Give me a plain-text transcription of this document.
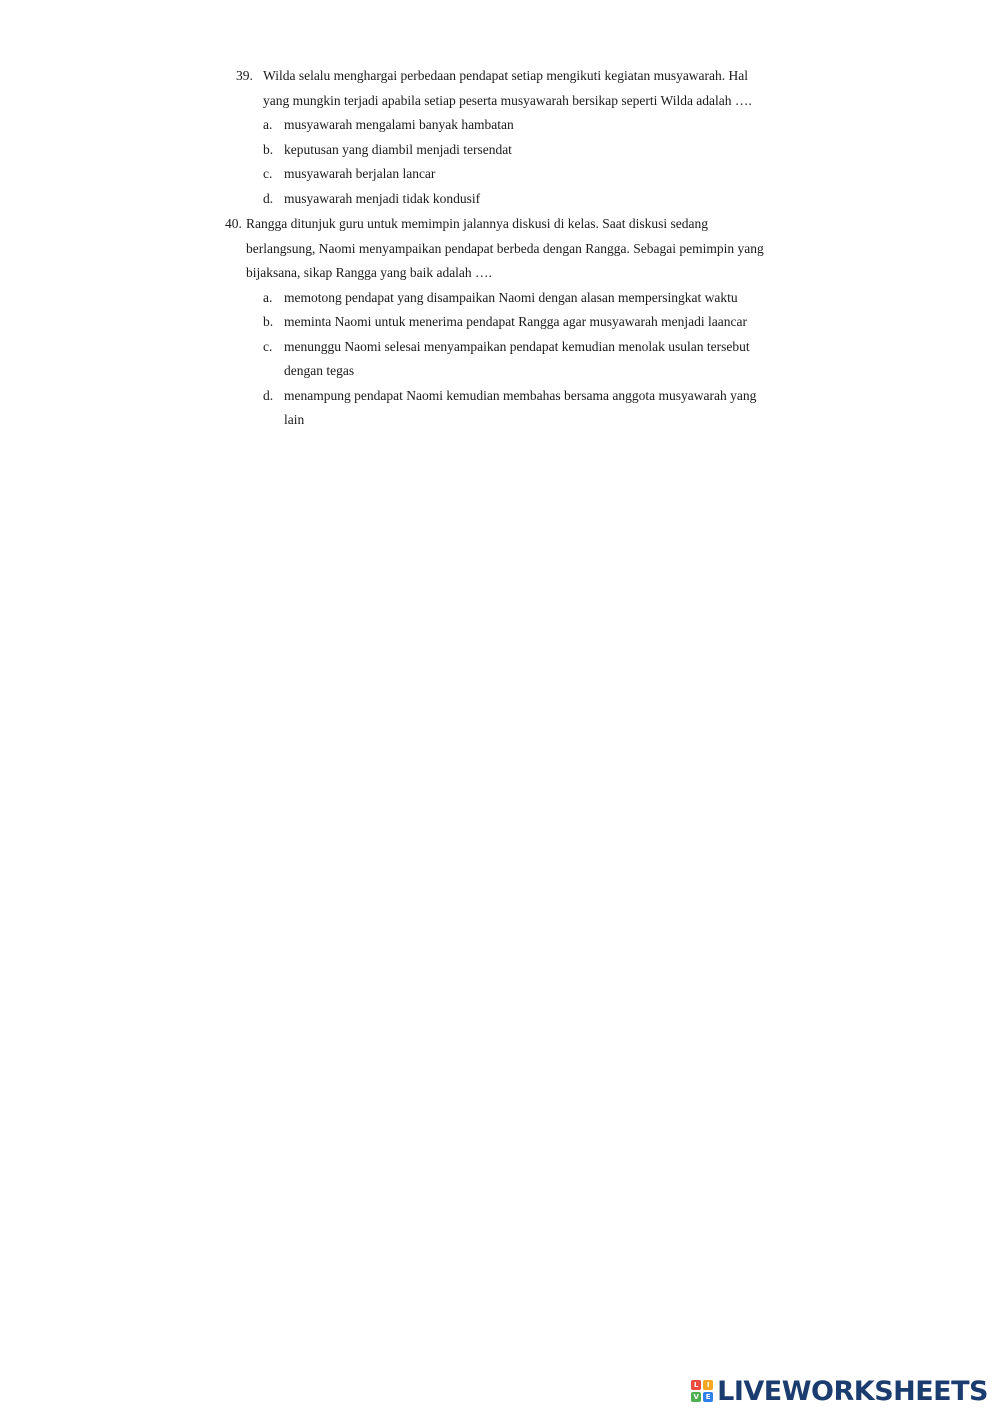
39. Wilda selalu menghargai perbedaan pendapat setiap mengikuti kegiatan musyawarah. Hal
yang mungkin terjadi apabila setiap peserta musyawarah bersikap seperti Wilda adalah ….
a. musyawarah mengalami banyak hambatan
b. keputusan yang diambil menjadi tersendat
c. musyawarah berjalan lancar
d. musyawarah menjadi tidak kondusif
40. Rangga ditunjuk guru untuk memimpin jalannya diskusi di kelas. Saat diskusi sedang
berlangsung, Naomi menyampaikan pendapat berbeda dengan Rangga. Sebagai pemimpin yang
bijaksana, sikap Rangga yang baik adalah ….
a. memotong pendapat yang disampaikan Naomi dengan alasan mempersingkat waktu
b. meminta Naomi untuk menerima pendapat Rangga agar musyawarah menjadi laancar
c. menunggu Naomi selesai menyampaikan pendapat kemudian menolak usulan tersebut
dengan tegas
d. menampung pendapat Naomi kemudian membahas bersama anggota musyawarah yang
lain
L	I
V E LIVEWORKSHEETS
